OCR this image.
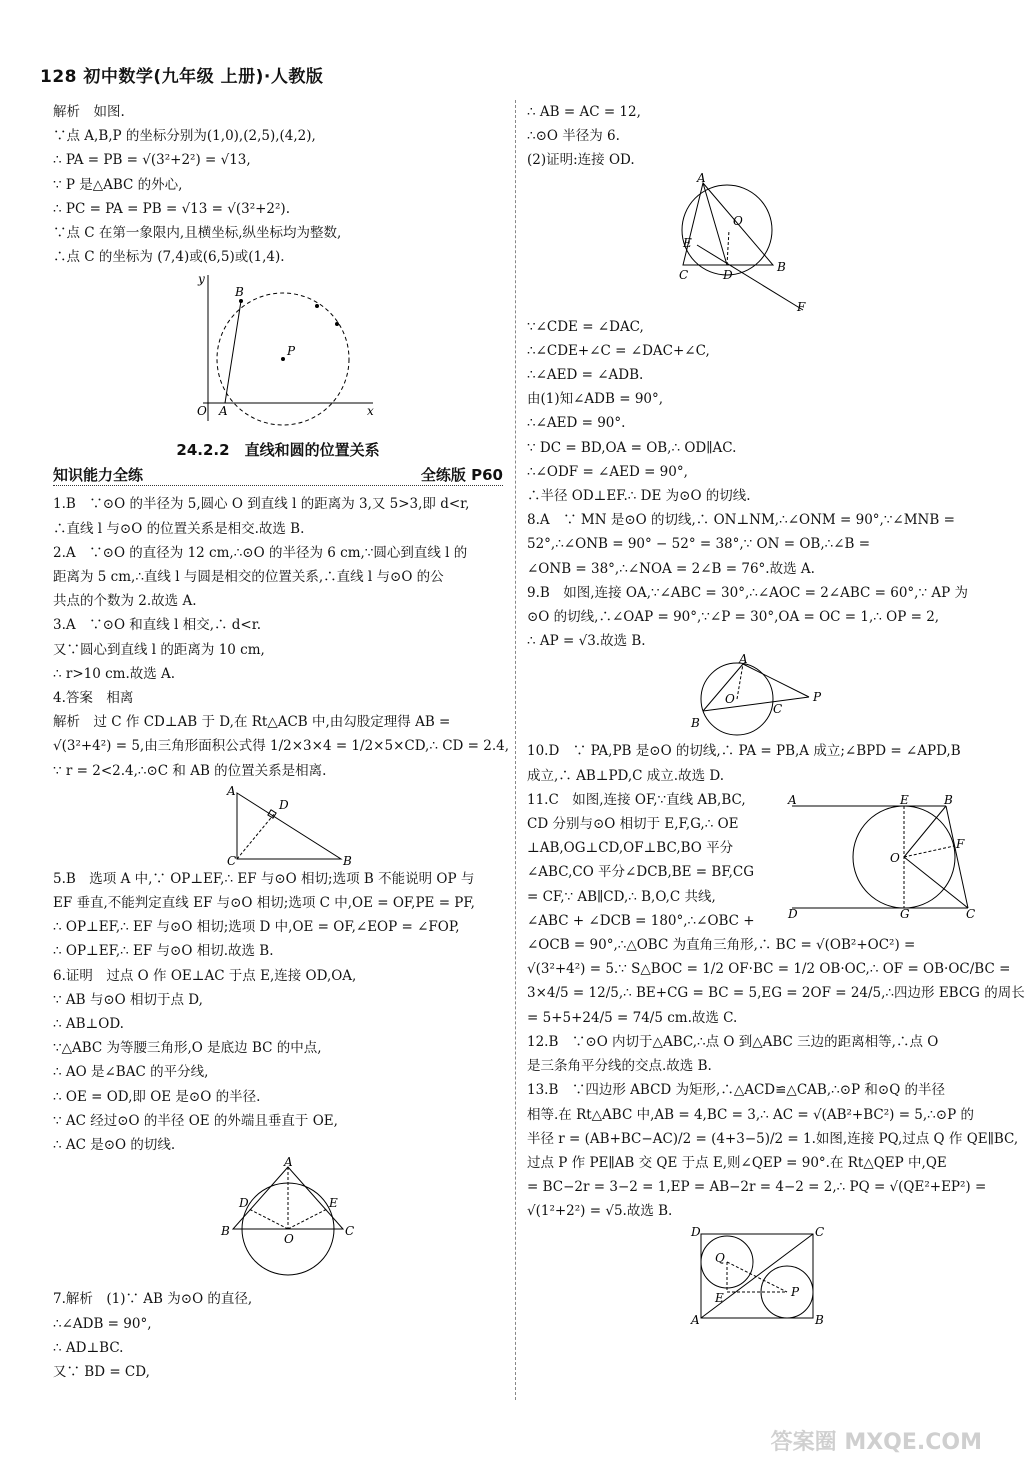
128 初中数学(九年级 上册)·人教版
解析　如图.
∵点 A,B,P 的坐标分别为(1,0),(2,5),(4,2),
∴ PA = PB = √(3²+2²) = √13,
∵ P 是△ABC 的外心,
∴ PC = PA = PB = √13 = √(3²+2²).
∵点 C 在第一象限内,且横坐标,纵坐标均为整数,
∴点 C 的坐标为 (7,4)或(6,5)或(1,4).
y
B
P
O A	x
24.2.2　直线和圆的位置关系
知识能力全练	全练版 P60
1.B　∵⊙O 的半径为 5,圆心 O 到直线 l 的距离为 3,又 5>3,即 d<r,
∴直线 l 与⊙O 的位置关系是相交.故选 B.
2.A　∵⊙O 的直径为 12 cm,∴⊙O 的半径为 6 cm,∵圆心到直线 l 的
距离为 5 cm,∴直线 l 与圆是相交的位置关系,∴直线 l 与⊙O 的公
共点的个数为 2.故选 A.
3.A　∵⊙O 和直线 l 相交,∴ d<r.
又∵圆心到直线 l 的距离为 10 cm,
∴ r>10 cm.故选 A.
4.答案　相离
解析　过 C 作 CD⊥AB 于 D,在 Rt△ACB 中,由勾股定理得 AB =
√(3²+4²) = 5,由三角形面积公式得 1/2×3×4 = 1/2×5×CD,∴ CD = 2.4,
∵ r = 2<2.4,∴⊙C 和 AB 的位置关系是相离.
A
D
C	B
5.B　选项 A 中,∵ OP⊥EF,∴ EF 与⊙O 相切;选项 B 不能说明 OP 与
EF 垂直,不能判定直线 EF 与⊙O 相切;选项 C 中,OE = OF,PE = PF,
∴ OP⊥EF,∴ EF 与⊙O 相切;选项 D 中,OE = OF,∠EOP = ∠FOP,
∴ OP⊥EF,∴ EF 与⊙O 相切.故选 B.
6.证明　过点 O 作 OE⊥AC 于点 E,连接 OD,OA,
∵ AB 与⊙O 相切于点 D,
∴ AB⊥OD.
∵△ABC 为等腰三角形,O 是底边 BC 的中点,
∴ AO 是∠BAC 的平分线,
∴ OE = OD,即 OE 是⊙O 的半径.
∵ AC 经过⊙O 的半径 OE 的外端且垂直于 OE,
∴ AC 是⊙O 的切线.
A
D	E
B
O
C
7.解析　(1)∵ AB 为⊙O 的直径,
∴∠ADB = 90°,
∴ AD⊥BC.
又∵ BD = CD,
∴ AB = AC = 12,
∴⊙O 半径为 6.
(2)证明:连接 OD.
A
O
E
C	D
B
F
∵∠CDE = ∠DAC,
∴∠CDE+∠C = ∠DAC+∠C,
∴∠AED = ∠ADB.
由(1)知∠ADB = 90°,
∴∠AED = 90°.
∵ DC = BD,OA = OB,∴ OD∥AC.
∴∠ODF = ∠AED = 90°,
∴半径 OD⊥EF.∴ DE 为⊙O 的切线.
8.A　∵ MN 是⊙O 的切线,∴ ON⊥NM,∴∠ONM = 90°,∵∠MNB =
52°,∴∠ONB = 90° − 52° = 38°,∵ ON = OB,∴∠B =
∠ONB = 38°,∴∠NOA = 2∠B = 76°.故选 A.
9.B　如图,连接 OA,∵∠ABC = 30°,∴∠AOC = 2∠ABC = 60°,∵ AP 为
⊙O 的切线,∴∠OAP = 90°,∵∠P = 30°,OA = OC = 1,∴ OP = 2,
∴ AP = √3.故选 B.
A
P
O
C
B
10.D　∵ PA,PB 是⊙O 的切线,∴ PA = PB,A 成立;∠BPD = ∠APD,B
成立,∴ AB⊥PD,C 成立.故选 D.
11.C　如图,连接 OF,∵直线 AB,BC,
CD 分别与⊙O 相切于 E,F,G,∴ OE
⊥AB,OG⊥CD,OF⊥BC,BO 平分
∠ABC,CO 平分∠DCB,BE = BF,CG
= CF,∵ AB∥CD,∴ B,O,C 共线,
∠ABC + ∠DCB = 180°,∴∠OBC +
∠OCB = 90°,∴△OBC 为直角三角形,∴ BC = √(OB²+OC²) =
√(3²+4²) = 5.∵ S△BOC = 1/2 OF·BC = 1/2 OB·OC,∴ OF = OB·OC/BC =
3×4/5 = 12/5,∴ BE+CG = BC = 5,EG = 2OF = 24/5,∴四边形 EBCG 的周长
= 5+5+24/5 = 74/5 cm.故选 C.
12.B　∵⊙O 内切于△ABC,∴点 O 到△ABC 三边的距离相等,∴点 O
是三条角平分线的交点.故选 B.
13.B　∵四边形 ABCD 为矩形,∴△ACD≌△CAB,∴⊙P 和⊙Q 的半径
相等.在 Rt△ABC 中,AB = 4,BC = 3,∴ AC = √(AB²+BC²) = 5,∴⊙P 的
半径 r = (AB+BC−AC)/2 = (4+3−5)/2 = 1.如图,连接 PQ,过点 Q 作 QE∥BC,
过点 P 作 PE∥AB 交 QE 于点 E,则∠QEP = 90°.在 Rt△QEP 中,QE
= BC−2r = 3−2 = 1,EP = AB−2r = 4−2 = 2,∴ PQ = √(QE²+EP²) =
√(1²+2²) = √5.故选 B.
D	C
Q
E	P
A	B
A	E	B
O
F
D	G	C
答案圈 MXQE.COM
